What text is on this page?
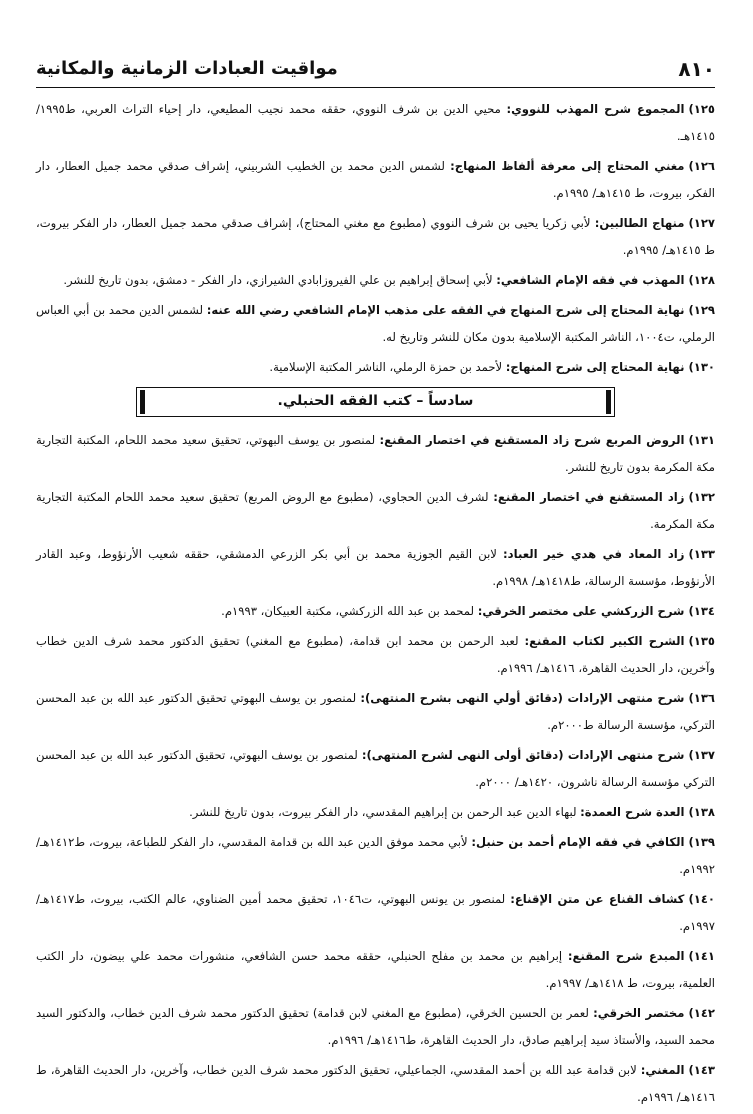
٨١٠
مواقيت العبادات الزمانية والمكانية

١٢٥)المجموع شرح المهذب للنووي: محيي الدين بن شرف النووي، حققه محمد نجيب المطيعي، دار إحياء التراث العربي، ط١٩٩٥/ ١٤١٥هـ.

١٢٦)مغني المحتاج إلى معرفة ألفاظ المنهاج: لشمس الدين محمد بن الخطيب الشربيني، إشراف صدقي محمد جميل العطار، دار الفكر، بيروت، ط ١٤١٥هـ/ ١٩٩٥م.

١٢٧)منهاج الطالبين: لأبي زكريا يحيى بن شرف النووي (مطبوع مع مغني المحتاج)، إشراف صدقي محمد جميل العطار، دار الفكر بيروت، ط ١٤١٥هـ/ ١٩٩٥م.

١٢٨)المهذب في فقه الإمام الشافعي: لأبي إسحاق إبراهيم بن علي الفيروزابادي الشيرازي، دار الفكر - دمشق، بدون تاريخ للنشر.

١٢٩)نهاية المحتاج إلى شرح المنهاج في الفقه على مذهب الإمام الشافعي رضي الله عنه: لشمس الدين محمد بن أبي العباس الرملي، ت١٠٠٤، الناشر المكتبة الإسلامية بدون مكان للنشر وتاريخ له.

١٣٠)نهاية المحتاج إلى شرح المنهاج: لأحمد بن حمزة الرملي، الناشر المكتبة الإسلامية.

سادساً – كتب الفقه الحنبلي.

١٣١)الروض المربع شرح زاد المستقنع في اختصار المقنع: لمنصور بن يوسف البهوتي، تحقيق سعيد محمد اللحام، المكتبة التجارية مكة المكرمة بدون تاريخ للنشر.

١٣٢)زاد المستقنع في اختصار المقنع: لشرف الدين الحجاوي، (مطبوع مع الروض المربع) تحقيق سعيد محمد اللحام المكتبة التجارية مكة المكرمة.

١٣٣)زاد المعاد في هدي خير العباد: لابن القيم الجوزية محمد بن أبي بكر الزرعي الدمشقي، حققه شعيب الأرنؤوط، وعبد القادر الأرنؤوط، مؤسسة الرسالة، ط١٤١٨هـ/ ١٩٩٨م.

١٣٤)شرح الزركشي على مختصر الخرقي: لمحمد بن عبد الله الزركشي، مكتبة العبيكان، ١٩٩٣م.

١٣٥)الشرح الكبير لكتاب المقنع: لعبد الرحمن بن محمد ابن قدامة، (مطبوع مع المغني) تحقيق الدكتور محمد شرف الدين خطاب وآخرين، دار الحديث القاهرة، ١٤١٦هـ/ ١٩٩٦م.

١٣٦)شرح منتهى الإرادات (دقائق أولي النهى بشرح المنتهى): لمنصور بن يوسف البهوتي تحقيق الدكتور عبد الله بن عبد المحسن التركي، مؤسسة الرسالة ط٢٠٠٠م.

١٣٧)شرح منتهى الإرادات (دقائق أولى النهى لشرح المنتهى): لمنصور بن يوسف البهوتي، تحقيق الدكتور عبد الله بن عبد المحسن التركي مؤسسة الرسالة ناشرون، ١٤٢٠هـ/ ٢٠٠٠م.

١٣٨)العدة شرح العمدة: لبهاء الدين عبد الرحمن بن إبراهيم المقدسي، دار الفكر بيروت، بدون تاريخ للنشر.

١٣٩)الكافي في فقه الإمام أحمد بن حنبل: لأبي محمد موفق الدين عبد الله بن قدامة المقدسي، دار الفكر للطباعة، بيروت، ط١٤١٢هـ/ ١٩٩٢م.

١٤٠)كشاف القناع عن متن الإقناع: لمنصور بن يونس البهوتي، ت١٠٤٦، تحقيق محمد أمين الضناوي، عالم الكتب، بيروت، ط١٤١٧هـ/ ١٩٩٧م.

١٤١)المبدع شرح المقنع: إبراهيم بن محمد بن مفلح الحنبلي، حققه محمد حسن الشافعي، منشورات محمد علي بيضون، دار الكتب العلمية، بيروت، ط ١٤١٨هـ/ ١٩٩٧م.

١٤٢)مختصر الخرقي: لعمر بن الحسين الخرقي، (مطبوع مع المغني لابن قدامة) تحقيق الدكتور محمد شرف الدين خطاب، والدكتور السيد محمد السيد، والأستاذ سيد إبراهيم صادق، دار الحديث القاهرة، ط١٤١٦هـ/ ١٩٩٦م.

١٤٣)المغني: لابن قدامة عبد الله بن أحمد المقدسي، الجماعيلي، تحقيق الدكتور محمد شرف الدين خطاب، وآخرين، دار الحديث القاهرة، ط ١٤١٦هـ/ ١٩٩٦م.
